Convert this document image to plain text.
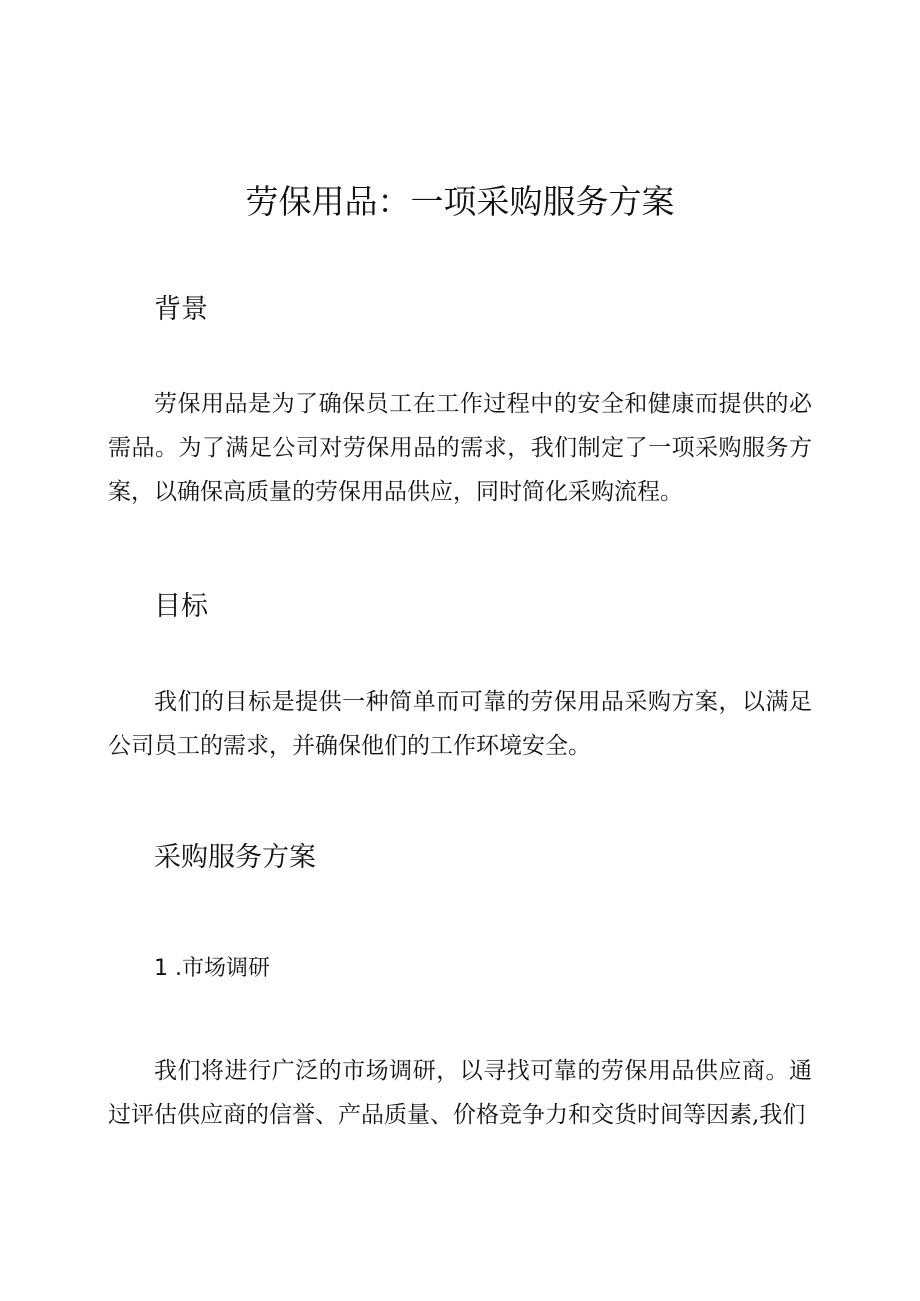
劳保用品：一项采购服务方案
背景
劳保用品是为了确保员工在工作过程中的安全和健康而提供的必需品。为了满足公司对劳保用品的需求，我们制定了一项采购服务方案，以确保高质量的劳保用品供应，同时简化采购流程。
目标
我们的目标是提供一种简单而可靠的劳保用品采购方案，以满足公司员工的需求，并确保他们的工作环境安全。
采购服务方案
1 .市场调研
我们将进行广泛的市场调研，以寻找可靠的劳保用品供应商。通过评估供应商的信誉、产品质量、价格竞争力和交货时间等因素,我们
